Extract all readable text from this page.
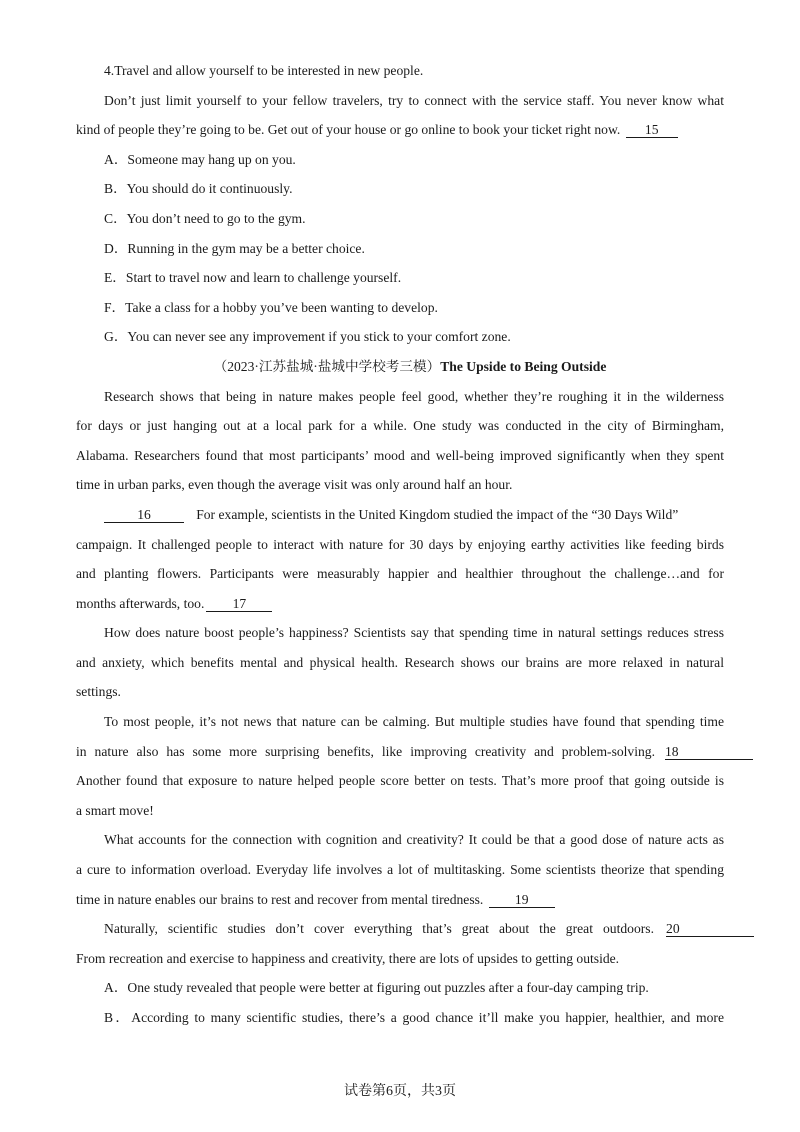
4.Travel and allow yourself to be interested in new people.
Don’t just limit yourself to your fellow travelers, try to connect with the service staff. You never know what
kind of people they’re going to be. Get out of your house or go online to book your ticket right now. 15
A．Someone may hang up on you.
B．You should do it continuously.
C．You don’t need to go to the gym.
D．Running in the gym may be a better choice.
E．Start to travel now and learn to challenge yourself.
F．Take a class for a hobby you’ve been wanting to develop.
G．You can never see any improvement if you stick to your comfort zone.
（2023·江苏盐城·盐城中学校考三模）The Upside to Being Outside
Research shows that being in nature makes people feel good, whether they’re roughing it in the wilderness
for days or just hanging out at a local park for a while. One study was conducted in the city of Birmingham,
Alabama. Researchers found that most participants’ mood and well-being improved significantly when they spent
time in urban parks, even though the average visit was only around half an hour.
16	For example, scientists in the United Kingdom studied the impact of the “30 Days Wild”
campaign. It challenged people to interact with nature for 30 days by enjoying earthy activities like feeding birds
and planting flowers. Participants were measurably happier and healthier throughout the challenge…and for
months afterwards, too. 17
How does nature boost people’s happiness? Scientists say that spending time in natural settings reduces stress
and anxiety, which benefits mental and physical health. Research shows our brains are more relaxed in natural
settings.
To most people, it’s not news that nature can be calming. But multiple studies have found that spending time
in nature also has some more surprising benefits, like improving creativity and problem-solving. 18
Another found that exposure to nature helped people score better on tests. That’s more proof that going outside is
a smart move!
What accounts for the connection with cognition and creativity? It could be that a good dose of nature acts as
a cure to information overload. Everyday life involves a lot of multitasking. Some scientists theorize that spending
time in nature enables our brains to rest and recover from mental tiredness. 19
Naturally, scientific studies don’t cover everything that’s great about the great outdoors. 20
From recreation and exercise to happiness and creativity, there are lots of upsides to getting outside.
A．One study revealed that people were better at figuring out puzzles after a four-day camping trip.
B．According to many scientific studies, there’s a good chance it’ll make you happier, healthier, and more
试卷第6页，共3页
